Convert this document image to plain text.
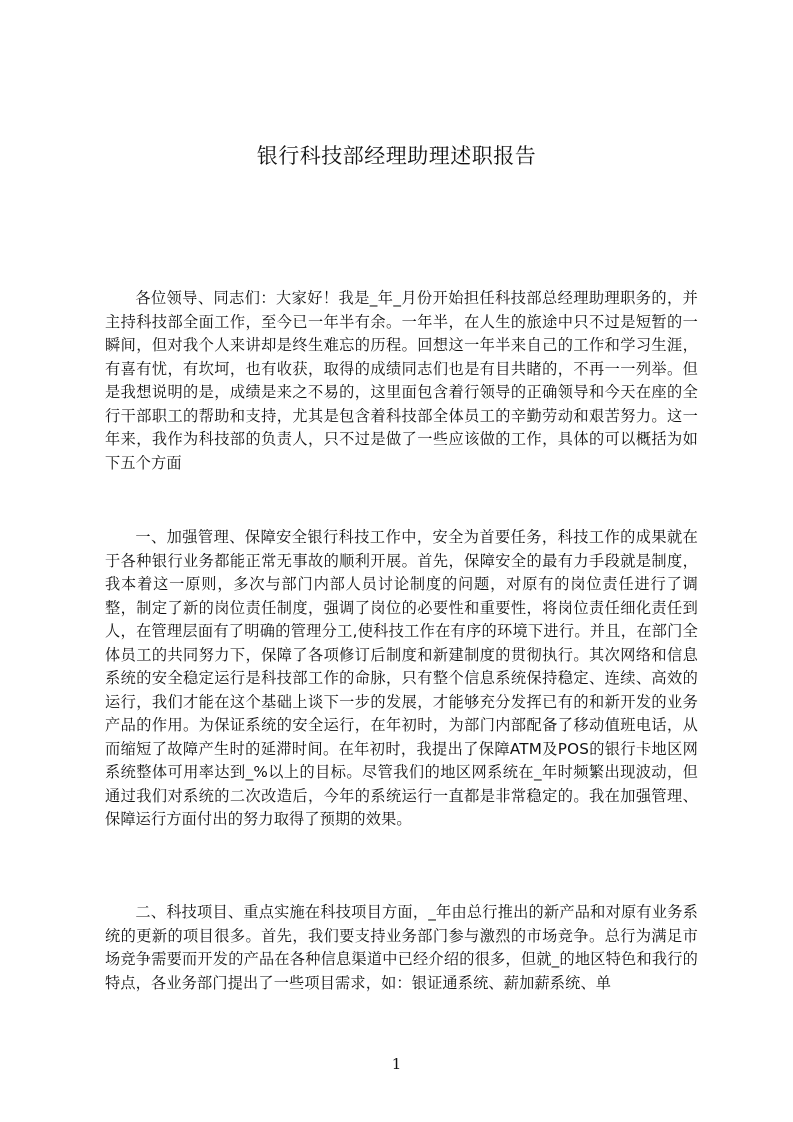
银行科技部经理助理述职报告

各位领导、同志们：大家好！我是_年_月份开始担任科技部总经理助理职务的，并主持科技部全面工作，至今已一年半有余。一年半，在人生的旅途中只不过是短暂的一瞬间，但对我个人来讲却是终生难忘的历程。回想这一年半来自己的工作和学习生涯，有喜有忧，有坎坷，也有收获，取得的成绩同志们也是有目共睹的，不再一一列举。但是我想说明的是，成绩是来之不易的，这里面包含着行领导的正确领导和今天在座的全行干部职工的帮助和支持，尤其是包含着科技部全体员工的辛勤劳动和艰苦努力。这一年来，我作为科技部的负责人，只不过是做了一些应该做的工作，具体的可以概括为如下五个方面

一、加强管理、保障安全银行科技工作中，安全为首要任务，科技工作的成果就在于各种银行业务都能正常无事故的顺利开展。首先，保障安全的最有力手段就是制度，我本着这一原则，多次与部门内部人员讨论制度的问题，对原有的岗位责任进行了调整，制定了新的岗位责任制度，强调了岗位的必要性和重要性，将岗位责任细化责任到人，在管理层面有了明确的管理分工,使科技工作在有序的环境下进行。并且，在部门全体员工的共同努力下，保障了各项修订后制度和新建制度的贯彻执行。其次网络和信息系统的安全稳定运行是科技部工作的命脉，只有整个信息系统保持稳定、连续、高效的运行，我们才能在这个基础上谈下一步的发展，才能够充分发挥已有的和新开发的业务产品的作用。为保证系统的安全运行，在年初时，为部门内部配备了移动值班电话，从而缩短了故障产生时的延滞时间。在年初时，我提出了保障ATM及POS的银行卡地区网系统整体可用率达到_%以上的目标。尽管我们的地区网系统在_年时频繁出现波动，但通过我们对系统的二次改造后，今年的系统运行一直都是非常稳定的。我在加强管理、保障运行方面付出的努力取得了预期的效果。

二、科技项目、重点实施在科技项目方面，_年由总行推出的新产品和对原有业务系统的更新的项目很多。首先，我们要支持业务部门参与激烈的市场竞争。总行为满足市场竞争需要而开发的产品在各种信息渠道中已经介绍的很多，但就_的地区特色和我行的特点，各业务部门提出了一些项目需求，如：银证通系统、薪加薪系统、单

1
